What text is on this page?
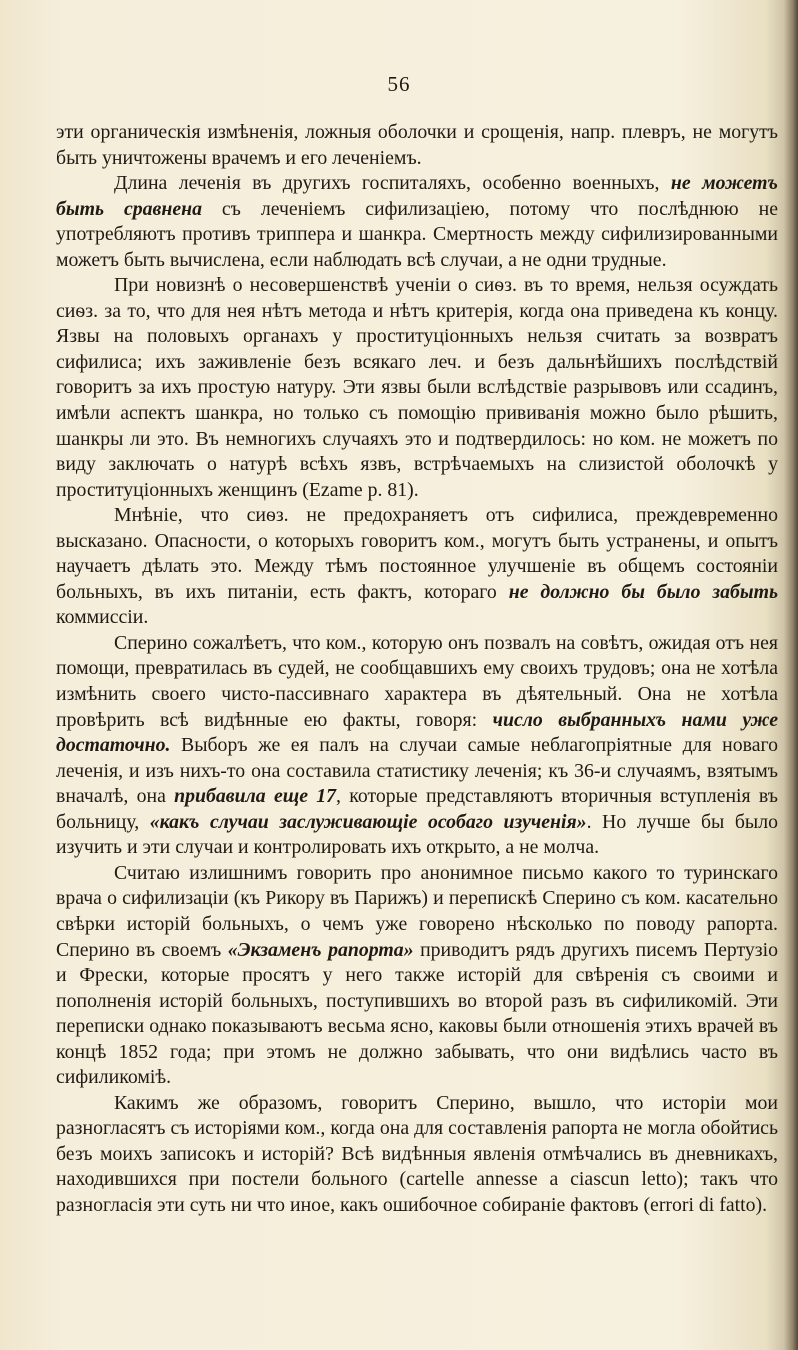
56

эти органическія измѣненія, ложныя оболочки и срощенія, напр. плевръ, не могутъ быть уничтожены врачемъ и его леченіемъ.

Длина леченія въ другихъ госпиталяхъ, особенно военныхъ, не можетъ быть сравнена съ леченіемъ сифилизаціею, потому что послѣднюю не употребляютъ противъ триппера и шанкра. Смертность между сифилизированными можетъ быть вычислена, если наблюдать всѣ случаи, а не одни трудные.

При новизнѣ о несовершенствѣ ученіи о сиѳз. въ то время, нельзя осуждать сиѳз. за то, что для нея нѣтъ метода и нѣтъ критерія, когда она приведена къ концу. Язвы на половыхъ органахъ у проституціонныхъ нельзя считать за возвратъ сифилиса; ихъ заживленіе безъ всякаго леч. и безъ дальнѣйшихъ послѣдствій говоритъ за ихъ простую натуру. Эти язвы были вслѣдствіе разрывовъ или ссадинъ, имѣли аспектъ шанкра, но только съ помощію прививанія можно было рѣшить, шанкры ли это. Въ немногихъ случаяхъ это и подтвердилось: но ком. не можетъ по виду заключать о натурѣ всѣхъ язвъ, встрѣчаемыхъ на слизистой оболочкѣ у проституціонныхъ женщинъ (Ezame p. 81).

Мнѣніе, что сиѳз. не предохраняетъ отъ сифилиса, преждевременно высказано. Опасности, о которыхъ говоритъ ком., могутъ быть устранены, и опытъ научаетъ дѣлать это. Между тѣмъ постоянное улучшеніе въ общемъ состояніи больныхъ, въ ихъ питаніи, есть фактъ, котораго не должно бы было забыть коммиссіи.

Сперино сожалѣетъ, что ком., которую онъ позвалъ на совѣтъ, ожидая отъ нея помощи, превратилась въ судей, не сообщавшихъ ему своихъ трудовъ; она не хотѣла измѣнить своего чисто-пассивнаго характера въ дѣятельный. Она не хотѣла провѣрить всѣ видѣнные ею факты, говоря: число выбранныхъ нами уже достаточно. Выборъ же ея палъ на случаи самые неблагопріятные для новаго леченія, и изъ нихъ-то она составила статистику леченія; къ 36-и случаямъ, взятымъ вначалѣ, она прибавила еще 17, которые представляютъ вторичныя вступленія въ больницу, «какъ случаи заслуживающіе особаго изученія». Но лучше бы было изучить и эти случаи и контролировать ихъ открыто, а не молча.

Считаю излишнимъ говорить про анонимное письмо какого то туринскаго врача о сифилизаціи (къ Рикору въ Парижъ) и перепискѣ Сперино съ ком. касательно свѣрки исторій больныхъ, о чемъ уже говорено нѣсколько по поводу рапорта. Сперино въ своемъ «Экзаменъ рапорта» приводитъ рядъ другихъ писемъ Пертузіо и Фрески, которые просятъ у него также исторій для свѣренія съ своими и пополненія исторій больныхъ, поступившихъ во второй разъ въ сифиликомій. Эти переписки однако показываютъ весьма ясно, каковы были отношенія этихъ врачей въ концѣ 1852 года; при этомъ не должно забывать, что они видѣлись часто въ сифиликомiѣ.

Какимъ же образомъ, говоритъ Сперино, вышло, что исторіи мои разногласятъ съ исторіями ком., когда она для составленія рапорта не могла обойтись безъ моихъ записокъ и исторій? Всѣ видѣнныя явленія отмѣчались въ дневникахъ, находившихся при постели больного (cartelle annesse a ciascun letto); такъ что разногласія эти суть ни что иное, какъ ошибочное собираніе фактовъ (errori di fatto).
